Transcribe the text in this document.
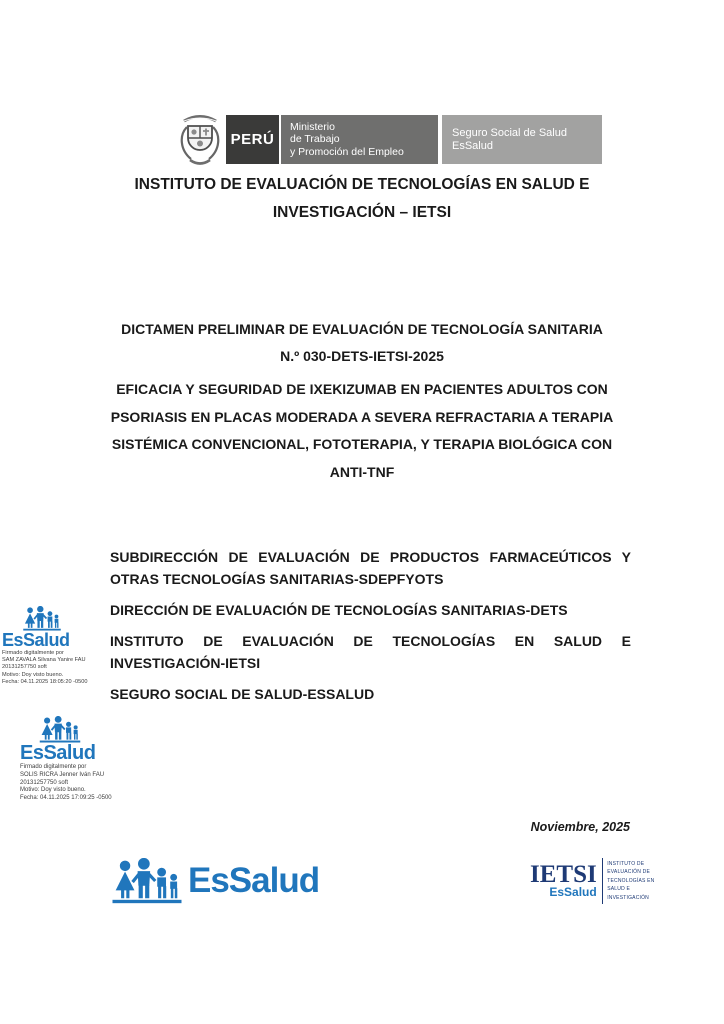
PERÚ
Ministerio
de Trabajo
y Promoción del Empleo
Seguro Social de Salud
EsSalud
INSTITUTO DE EVALUACIÓN DE TECNOLOGÍAS EN SALUD E INVESTIGACIÓN – IETSI
DICTAMEN PRELIMINAR DE EVALUACIÓN DE TECNOLOGÍA SANITARIA
N.º 030-DETS-IETSI-2025
EFICACIA Y SEGURIDAD DE IXEKIZUMAB EN PACIENTES ADULTOS CON PSORIASIS EN PLACAS MODERADA A SEVERA REFRACTARIA A TERAPIA SISTÉMICA CONVENCIONAL, FOTOTERAPIA, Y TERAPIA BIOLÓGICA CON ANTI-TNF

SUBDIRECCIÓN DE EVALUACIÓN DE PRODUCTOS FARMACEÚTICOS Y OTRAS TECNOLOGÍAS SANITARIAS-SDEPFYOTS

DIRECCIÓN DE EVALUACIÓN DE TECNOLOGÍAS SANITARIAS-DETS

INSTITUTO DE EVALUACIÓN DE TECNOLOGÍAS EN SALUD E INVESTIGACIÓN-IETSI

SEGURO SOCIAL DE SALUD-ESSALUD

EsSalud
Firmado digitalmente por
SAM ZAVALA Silvana Yanire FAU
20131257750 soft
Motivo: Doy visto bueno.
Fecha: 04.11.2025 18:05:20 -0500
EsSalud
Firmado digitalmente por
SOLIS RICRA Jenner Iván FAU
20131257750 soft
Motivo: Doy visto bueno.
Fecha: 04.11.2025 17:09:25 -0500
Noviembre, 2025
EsSalud	IETSI
EsSalud
INSTITUTO DE
EVALUACIÓN DE
TECNOLOGÍAS EN
SALUD E
INVESTIGACIÓN
